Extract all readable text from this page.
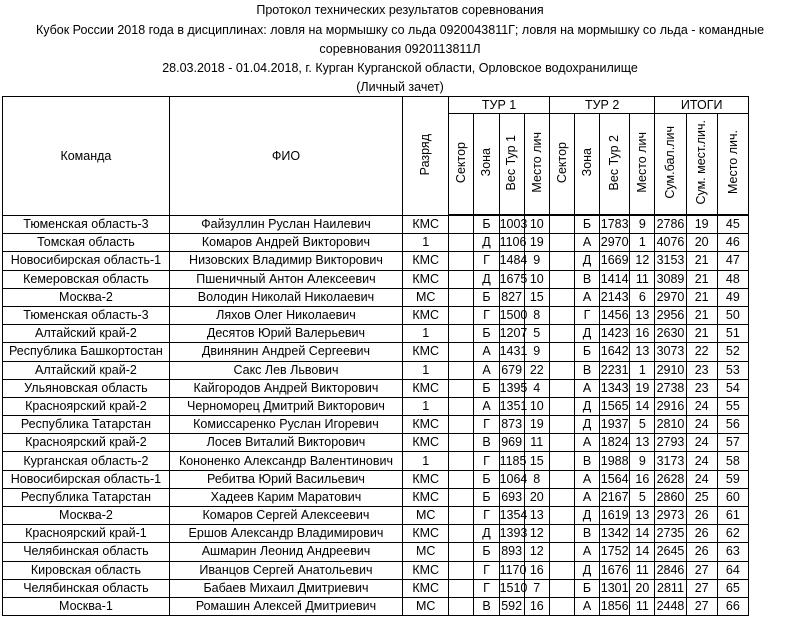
Протокол технических результатов соревнования
Кубок России 2018 года в дисциплинах: ловля на мормышку со льда 0920043811Г; ловля на мормышку со льда - командные
соревнования 0920113811Л
28.03.2018 - 01.04.2018, г. Курган Курганской области, Орловское водохранилище
(Личный зачет)
Команда	ФИО	Разряд	ТУР 1				ТУР 2				ИТОГИ		
			Сектор	Зона	Вес Тур 1	Место лич	Сектор	Зона	Вес Тур 2	Место лич	Сум.бал.лич	Сум. мест.лич.	Место лич.
Тюменская область-3	Файзуллин Руслан Наилевич	КМС		Б	1003	10		Б	1783	9	2786	19	45
Томская область	Комаров Андрей Викторович	1		Д	1106	19		А	2970	1	4076	20	46
Новосибирская область-1	Низовских Владимир Викторович	КМС		Г	1484	9		Д	1669	12	3153	21	47
Кемеровская область	Пшеничный Антон Алексеевич	КМС		Д	1675	10		В	1414	11	3089	21	48
Москва-2	Володин Николай Николаевич	МС		Б	827	15		А	2143	6	2970	21	49
Тюменская область-3	Ляхов Олег Николаевич	КМС		Г	1500	8		Г	1456	13	2956	21	50
Алтайский край-2	Десятов Юрий Валерьевич	1		Б	1207	5		Д	1423	16	2630	21	51
Республика Башкортостан	Двинянин Андрей Сергеевич	КМС		А	1431	9		Б	1642	13	3073	22	52
Алтайский край-2	Сакс Лев Львович	1		А	679	22		В	2231	1	2910	23	53
Ульяновская область	Кайгородов Андрей Викторович	КМС		Б	1395	4		А	1343	19	2738	23	54
Красноярский край-2	Черноморец Дмитрий Викторович	1		А	1351	10		Д	1565	14	2916	24	55
Республика Татарстан	Комиссаренко Руслан Игоревич	КМС		Г	873	19		Д	1937	5	2810	24	56
Красноярский край-2	Лосев Виталий Викторович	КМС		В	969	11		А	1824	13	2793	24	57
Курганская область-2	Кононенко Александр Валентинович	1		Г	1185	15		В	1988	9	3173	24	58
Новосибирская область-1	Ребитва Юрий Васильевич	КМС		Б	1064	8		А	1564	16	2628	24	59
Республика Татарстан	Хадеев Карим Маратович	КМС		Б	693	20		А	2167	5	2860	25	60
Москва-2	Комаров Сергей Алексеевич	МС		Г	1354	13		Д	1619	13	2973	26	61
Красноярский край-1	Ершов Александр Владимирович	КМС		Д	1393	12		В	1342	14	2735	26	62
Челябинская область	Ашмарин Леонид Андреевич	МС		Б	893	12		А	1752	14	2645	26	63
Кировская область	Иванцов Сергей Анатольевич	КМС		Г	1170	16		Д	1676	11	2846	27	64
Челябинская область	Бабаев Михаил Дмитриевич	КМС		Г	1510	7		Б	1301	20	2811	27	65
Москва-1	Ромашин Алексей Дмитриевич	МС		В	592	16		А	1856	11	2448	27	66
